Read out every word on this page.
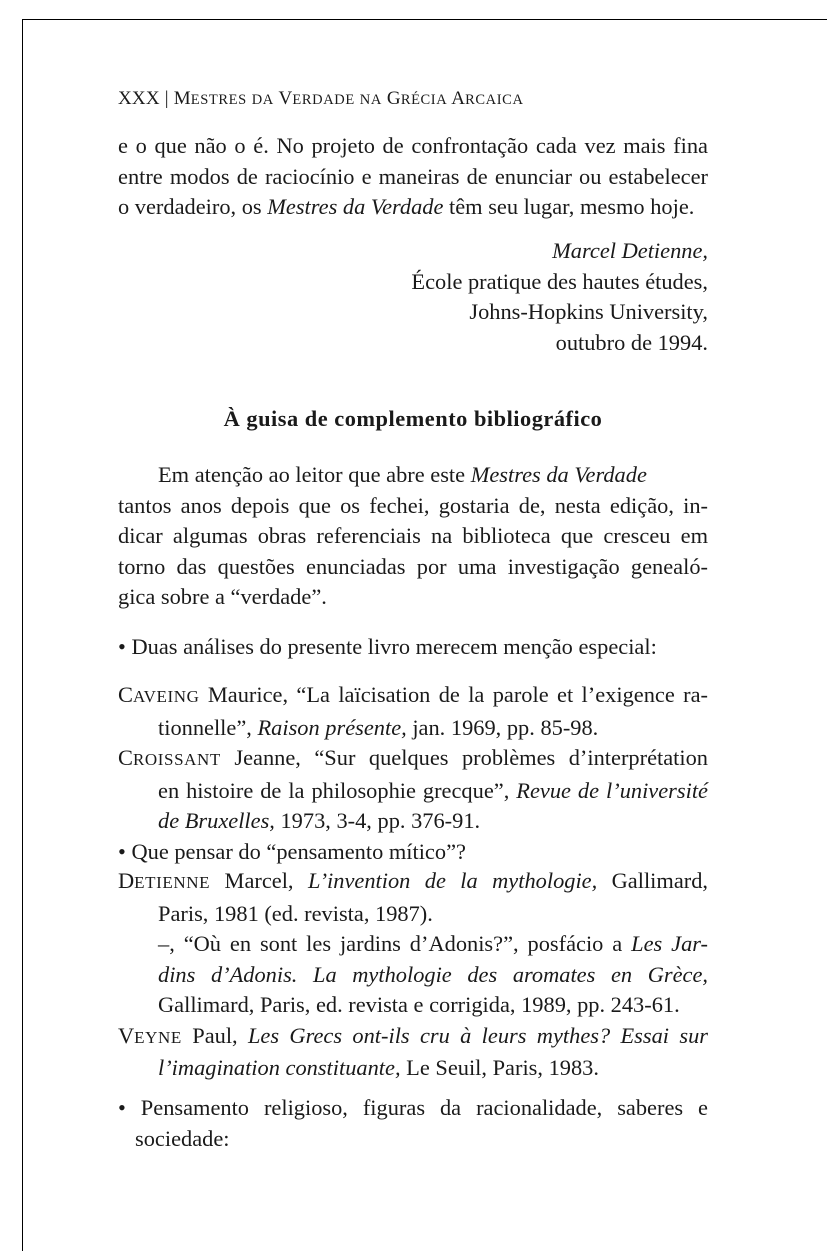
XXX | MESTRES DA VERDADE NA GRÉCIA ARCAICA
e o que não o é. No projeto de confrontação cada vez mais fina
entre modos de raciocínio e maneiras de enunciar ou estabelecer
o verdadeiro, os Mestres da Verdade têm seu lugar, mesmo hoje.
Marcel Detienne,
École pratique des hautes études,
Johns-Hopkins University,
outubro de 1994.
À guisa de complemento bibliográfico
Em atenção ao leitor que abre este Mestres da Verdade
tantos anos depois que os fechei, gostaria de, nesta edição, in-
dicar algumas obras referenciais na biblioteca que cresceu em
torno das questões enunciadas por uma investigação genealó-
gica sobre a “verdade”.
• Duas análises do presente livro merecem menção especial:
CAVEING Maurice, “La laïcisation de la parole et l’exigence ra-
tionnelle”, Raison présente, jan. 1969, pp. 85-98.
CROISSANT Jeanne, “Sur quelques problèmes d’interprétation
en histoire de la philosophie grecque”, Revue de l’université
de Bruxelles, 1973, 3-4, pp. 376-91.
• Que pensar do “pensamento mítico”?
DETIENNE Marcel, L’invention de la mythologie, Gallimard,
Paris, 1981 (ed. revista, 1987).
–, “Où en sont les jardins d’Adonis?”, posfácio a Les Jar-
dins d’Adonis. La mythologie des aromates en Grèce,
Gallimard, Paris, ed. revista e corrigida, 1989, pp. 243-61.
VEYNE Paul, Les Grecs ont-ils cru à leurs mythes? Essai sur
l’imagination constituante, Le Seuil, Paris, 1983.
• Pensamento religioso, figuras da racionalidade, saberes e
sociedade:
